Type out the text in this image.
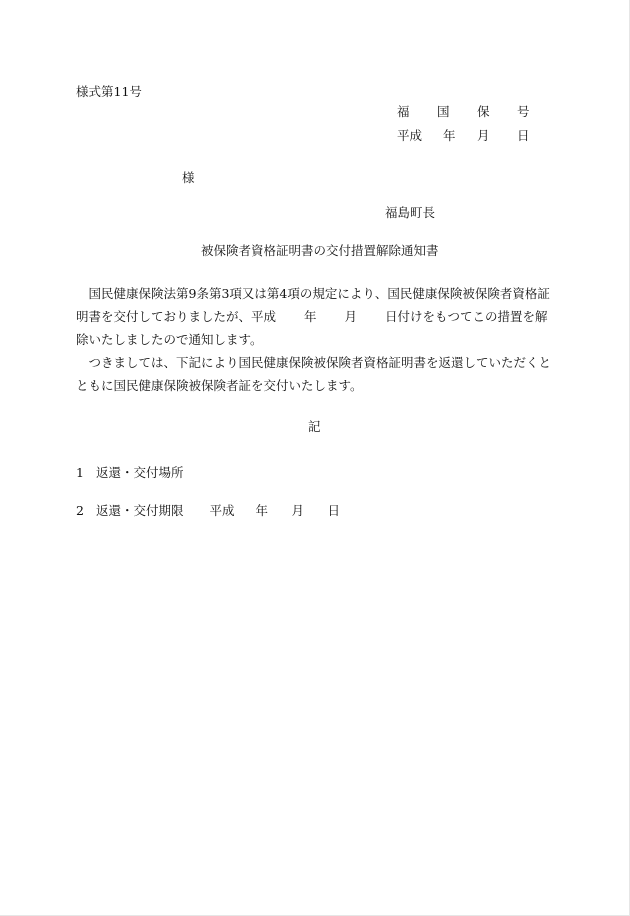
様式第11号
福	国	保	号
平成	年	月	日
様
福島町長
被保険者資格証明書の交付措置解除通知書

国民健康保険法第9条第3項又は第4項の規定により、国民健康保険被保険者資格証明書を交付しておりましたが、平成 年 月 日付けをもつてこの措置を解除いたしましたので通知します。

つきましては、下記により国民健康保険被保険者資格証明書を返還していただくとともに国民健康保険被保険者証を交付いたします。

記
1 返還・交付場所
2 返還・交付期限 平成	年	月	日
